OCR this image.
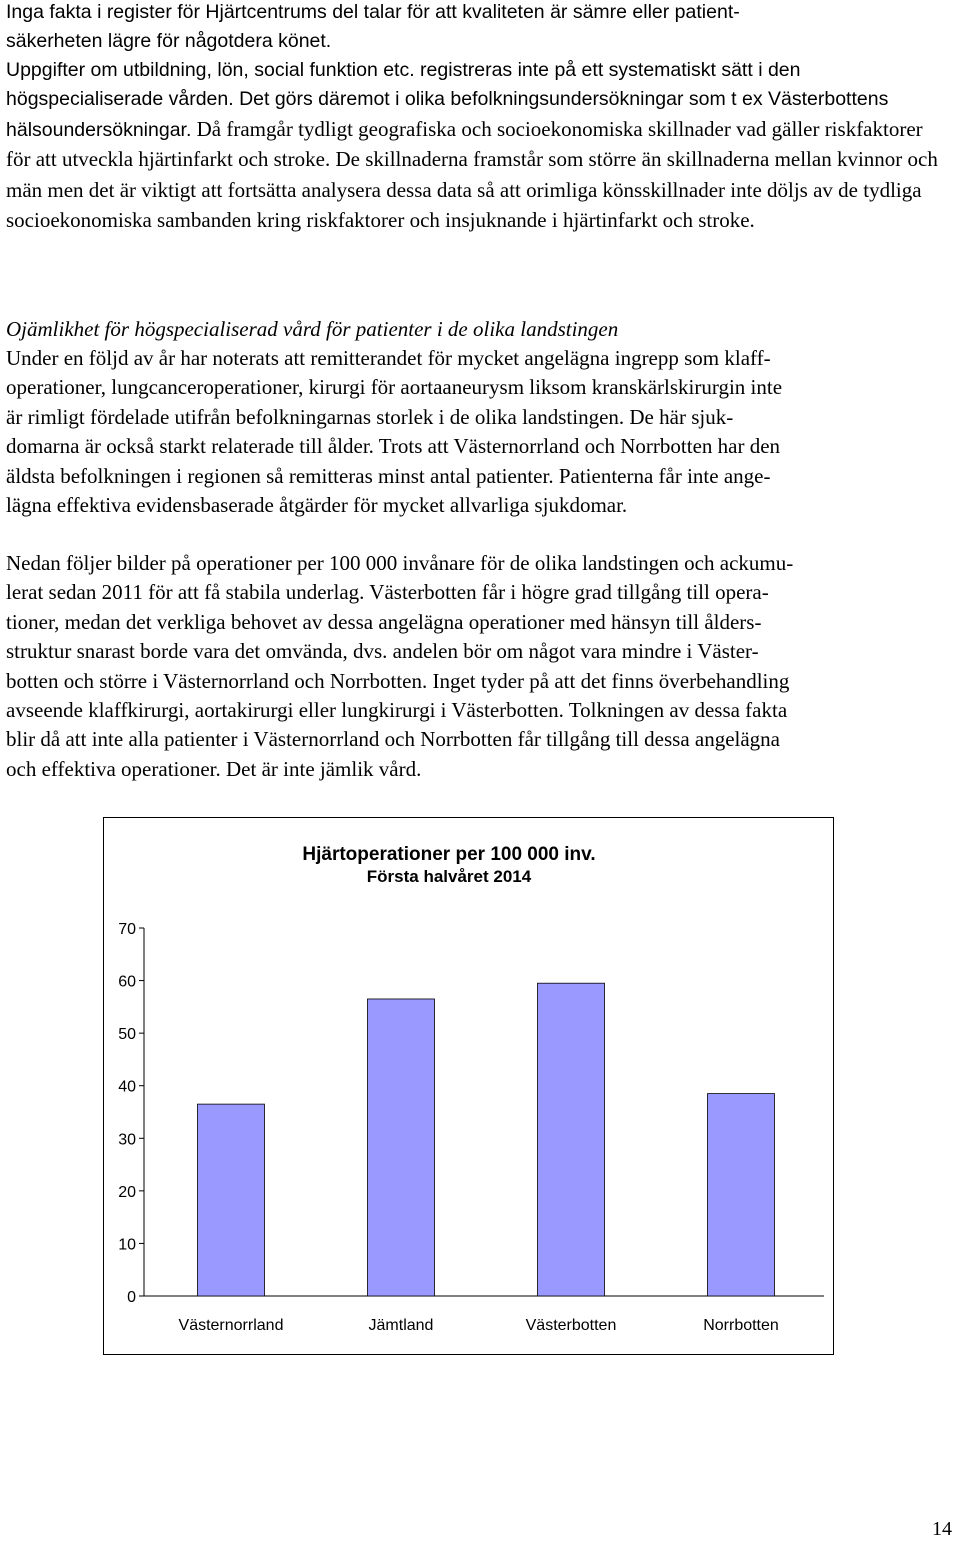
Inga fakta i register för Hjärtcentrums del talar för att kvaliteten är sämre eller patient-
säkerheten lägre för någotdera könet.

Uppgifter om utbildning, lön, social funktion etc. registreras inte på ett systematiskt sätt i den högspecialiserade vården. Det görs däremot i olika befolkningsundersökningar som t ex Västerbottens hälsoundersökningar. Då framgår tydligt geografiska och socioekonomiska skillnader vad gäller riskfaktorer för att utveckla hjärtinfarkt och stroke. De skillnaderna framstår som större än skillnaderna mellan kvinnor och män men det är viktigt att fortsätta analysera dessa data så att orimliga könsskillnader inte döljs av de tydliga socioekonomiska sambanden kring riskfaktorer och insjuknande i hjärtinfarkt och stroke.

Ojämlikhet för högspecialiserad vård för patienter i de olika landstingen

Under en följd av år har noterats att remitterandet för mycket angelägna ingrepp som klaff-
operationer, lungcanceroperationer, kirurgi för aortaaneurysm liksom kranskärlskirurgin inte
är rimligt fördelade utifrån befolkningarnas storlek i de olika landstingen. De här sjuk-
domarna är också starkt relaterade till ålder. Trots att Västernorrland och Norrbotten har den
äldsta befolkningen i regionen så remitteras minst antal patienter. Patienterna får inte ange-
lägna effektiva evidensbaserade åtgärder för mycket allvarliga sjukdomar.

Nedan följer bilder på operationer per 100 000 invånare för de olika landstingen och ackumu-
lerat sedan 2011 för att få stabila underlag. Västerbotten får i högre grad tillgång till opera-
tioner, medan det verkliga behovet av dessa angelägna operationer med hänsyn till ålders-
struktur snarast borde vara det omvända, dvs. andelen bör om något vara mindre i Väster-
botten och större i Västernorrland och Norrbotten. Inget tyder på att det finns överbehandling
avseende klaffkirurgi, aortakirurgi eller lungkirurgi i Västerbotten. Tolkningen av dessa fakta
blir då att inte alla patienter i Västernorrland och Norrbotten får tillgång till dessa angelägna
och effektiva operationer. Det är inte jämlik vård.

Hjärtoperationer per 100 000 inv.
Första halvåret 2014
0
10
20
30
40
50
60
70
Västernorrland	Jämtland	Västerbotten	Norrbotten
14
